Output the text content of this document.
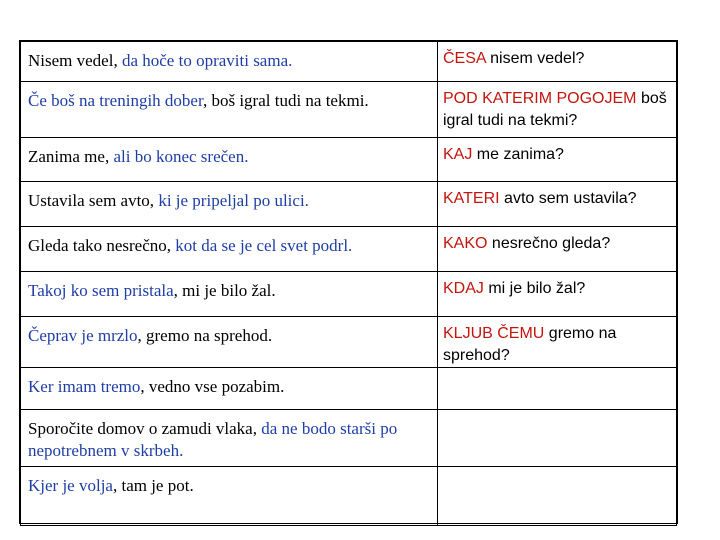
Nisem vedel, da hoče to opraviti sama.	ČESA nisem vedel?
Če boš na treningih dober, boš igral tudi na tekmi.	POD KATERIM POGOJEM boš igral tudi na tekmi?
Zanima me, ali bo konec srečen.	KAJ me zanima?
Ustavila sem avto, ki je pripeljal po ulici.	KATERI avto sem ustavila?
Gleda tako nesrečno, kot da se je cel svet podrl.	KAKO nesrečno gleda?
Takoj ko sem pristala, mi je bilo žal.	KDAJ mi je bilo žal?
Čeprav je mrzlo, gremo na sprehod.	KLJUB ČEMU gremo na sprehod?
Ker imam tremo, vedno vse pozabim.	
Sporočite domov o zamudi vlaka, da ne bodo starši po nepotrebnem v skrbeh.	
Kjer je volja, tam je pot.	
